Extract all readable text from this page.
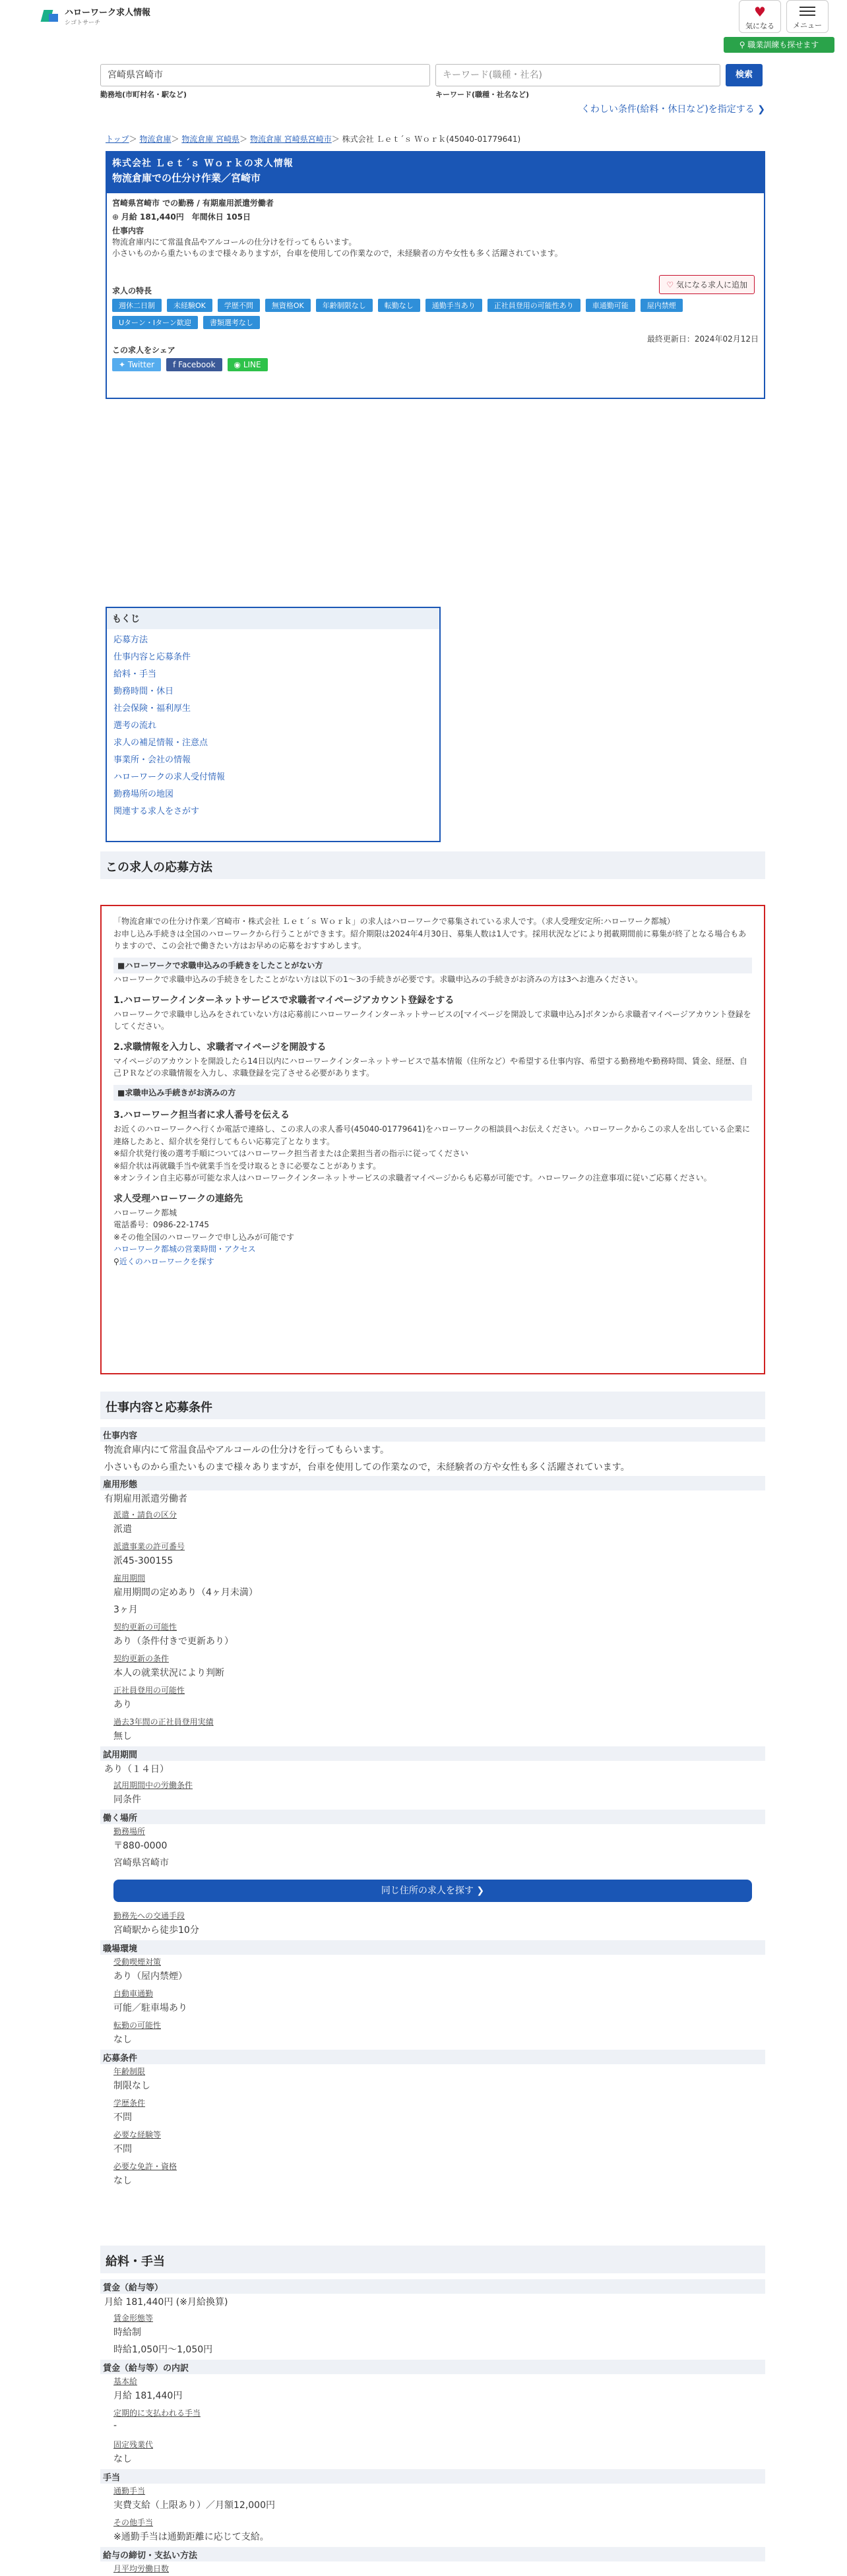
ハローワーク求人情報
シゴトサーチ
♥
気になる	メニュー
⚲ 職業訓練も探せます
宮崎県宮崎市	キーワード(職種・社名)	検索
勤務地(市町村名・駅など)	キーワード(職種・社名など)
くわしい条件(給料・休日など)を指定する ❯
トップ＞ 物流倉庫＞ 物流倉庫 宮崎県＞ 物流倉庫 宮崎県宮崎市＞ 株式会社 Ｌｅｔ´ｓ Ｗｏｒｋ(45040-01779641)
株式会社 Ｌｅｔ´ｓ Ｗｏｒｋの求人情報
物流倉庫での仕分け作業／宮崎市
宮崎県宮崎市 での勤務 / 有期雇用派遣労働者
⊕ 月給 181,440円　 年間休日 105日
仕事内容
物流倉庫内にて常温食品やアルコールの仕分けを行ってもらいます。
小さいものから重たいものまで様々ありますが，台車を使用しての作業なので，未経験者の方や女性も多く活躍されています。
求人の特長
週休二日制	未経験OK	学歴不問	無資格OK	年齢制限なし	転勤なし	通勤手当あり	正社員登用の可能性あり	車通勤可能	屋内禁煙
Uターン・Iターン歓迎	書類選考なし
最終更新日：2024年02月12日
この求人をシェア
✦ Twitter	f Facebook	◉ LINE
♡ 気になる求人に追加
もくじ
応募方法
仕事内容と応募条件
給料・手当
勤務時間・休日
社会保険・福利厚生
選考の流れ
求人の補足情報・注意点
事業所・会社の情報
ハローワークの求人受付情報
勤務場所の地図
関連する求人をさがす
この求人の応募方法
「物流倉庫での仕分け作業／宮崎市・株式会社 Ｌｅｔ´ｓ Ｗｏｒｋ」の求人はハローワークで募集されている求人です。（求人受理安定所:ハローワーク都城）
お申し込み手続きは全国のハローワークから行うことができます。紹介期限は2024年4月30日、募集人数は1人です。採用状況などにより掲載期間前に募集が終了となる場合もありますので、この会社で働きたい方はお早めの応募をおすすめします。
■ハローワークで求職申込みの手続きをしたことがない方
ハローワークで求職申込みの手続きをしたことがない方は以下の1〜3の手続きが必要です。求職申込みの手続きがお済みの方は3へお進みください。
1.ハローワークインターネットサービスで求職者マイページアカウント登録をする
ハローワークで求職申し込みをされていない方は応募前にハローワークインターネットサービスの[マイページを開設して求職申込み]ボタンから求職者マイページアカウント登録をしてください。
2.求職情報を入力し、求職者マイページを開設する
マイページのアカウントを開設したら14日以内にハローワークインターネットサービスで基本情報（住所など）や希望する仕事内容、希望する勤務地や勤務時間、賃金、経歴、自己ＰＲなどの求職情報を入力し、求職登録を完了させる必要があります。
■求職申込み手続きがお済みの方
3.ハローワーク担当者に求人番号を伝える
お近くのハローワークへ行くか電話で連絡し、この求人の求人番号(45040-01779641)をハローワークの相談員へお伝えください。ハローワークからこの求人を出している企業に連絡したあと、紹介状を発行してもらい応募完了となります。
※紹介状発行後の選考手順についてはハローワーク担当者または企業担当者の指示に従ってください
※紹介状は再就職手当や就業手当を受け取るときに必要なことがあります。
※オンライン自主応募が可能な求人はハローワークインターネットサービスの求職者マイページからも応募が可能です。ハローワークの注意事項に従いご応募ください。
求人受理ハローワークの連絡先
ハローワーク都城
電話番号：0986-22-1745
※その他全国のハローワークで申し込みが可能です
ハローワーク都城の営業時間・アクセス
⚲近くのハローワークを探す
仕事内容と応募条件
仕事内容
物流倉庫内にて常温食品やアルコールの仕分けを行ってもらいます。
小さいものから重たいものまで様々ありますが，台車を使用しての作業なので，未経験者の方や女性も多く活躍されています。
雇用形態
有期雇用派遣労働者
派遣・請負の区分
派遣
派遣事業の許可番号
派45-300155
雇用期間
雇用期間の定めあり（4ヶ月未満）
3ヶ月
契約更新の可能性
あり（条件付きで更新あり）
契約更新の条件
本人の就業状況により判断
正社員登用の可能性
あり
過去3年間の正社員登用実績
無し
試用期間
あり（１４日）
試用期間中の労働条件
同条件
働く場所
勤務場所
〒880-0000
宮崎県宮崎市
同じ住所の求人を探す ❯
勤務先への交通手段
宮崎駅から徒歩10分
職場環境
受動喫煙対策
あり（屋内禁煙）
自動車通勤
可能／駐車場あり
転勤の可能性
なし
応募条件
年齢制限
制限なし
学歴条件
不問
必要な経験等
不問
必要な免許・資格
なし
給料・手当
賃金（給与等）
月給 181,440円 (※月給換算)
賃金形態等
時給制
時給1,050円〜1,050円
賃金（給与等）の内訳
基本給
月給 181,440円
定期的に支払われる手当
-
固定残業代
なし
手当
通勤手当
実費支給（上限あり）／月額12,000円
その他手当
※通勤手当は通勤距離に応じて支給。
給与の締切・支払い方法
月平均労働日数
